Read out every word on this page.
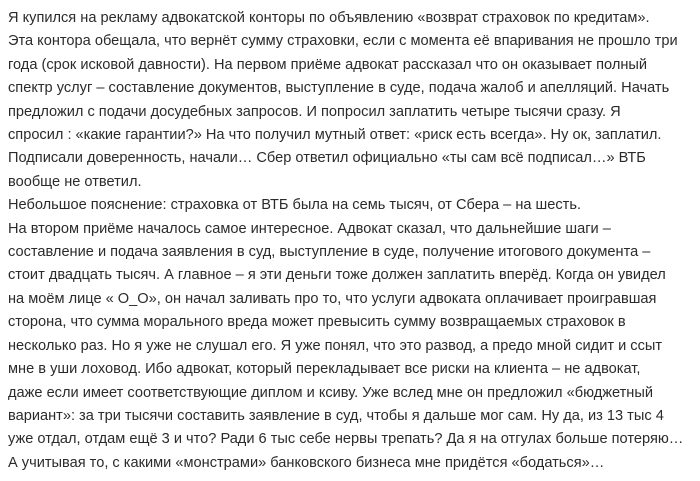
Я купился на рекламу адвокатской конторы по объявлению «возврат страховок по кредитам».
Эта контора обещала, что вернёт сумму страховки, если с момента её впаривания не прошло три
года (срок исковой давности). На первом приёме адвокат рассказал что он оказывает полный
спектр услуг – составление документов, выступление в суде, подача жалоб и апелляций. Начать
предложил с подачи досудебных запросов. И попросил заплатить четыре тысячи сразу. Я
спросил : «какие гарантии?» На что получил мутный ответ: «риск есть всегда». Ну ок, заплатил.
Подписали доверенность, начали… Сбер ответил официально «ты сам всё подписал…» ВТБ
вообще не ответил.

Небольшое пояснение: страховка от ВТБ была на семь тысяч, от Сбера – на шесть.

На втором приёме началось самое интересное. Адвокат сказал, что дальнейшие шаги –
составление и подача заявления в суд, выступление в суде, получение итогового документа –
стоит двадцать тысяч. А главное – я эти деньги тоже должен заплатить вперёд. Когда он увидел
на моём лице « О_О», он начал заливать про то, что услуги адвоката оплачивает проигравшая
сторона, что сумма морального вреда может превысить сумму возвращаемых страховок в
несколько раз. Но я уже не слушал его. Я уже понял, что это развод, а предо мной сидит и ссыт
мне в уши лоховод. Ибо адвокат, который перекладывает все риски на клиента – не адвокат,
даже если имеет соответствующие диплом и ксиву. Уже вслед мне он предложил «бюджетный
вариант»: за три тысячи составить заявление в суд, чтобы я дальше мог сам. Ну да, из 13 тыс 4
уже отдал, отдам ещё 3 и что? Ради 6 тыс себе нервы трепать? Да я на отгулах больше потеряю…
А учитывая то, с какими «монстрами» банковского бизнеса мне придётся «бодаться»…
